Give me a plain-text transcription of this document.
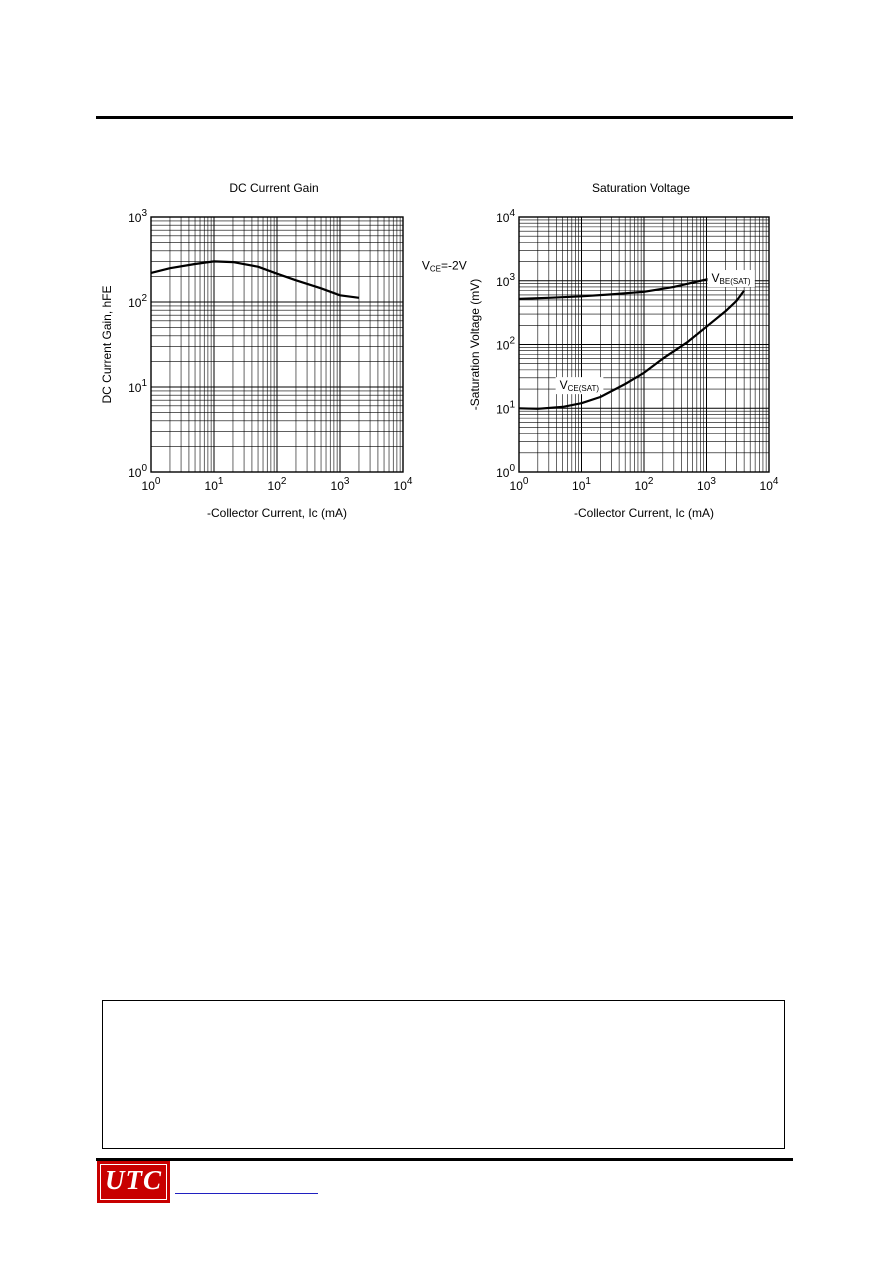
DC Current Gain	Saturation Voltage
$10^0$	$10^1$	$10^2$	$10^3$	$10^4$
$10^0$
$10^1$
$10^2$
$10^3$
-Collector Current, Ic (mA)
DC Current Gain, hFE
VCE=-2V
$10^0$	$10^1$	$10^2$	$10^3$	$10^4$
$10^0$
$10^1$
$10^2$
$10^3$
$10^4$
-Collector Current, Ic (mA)
-Saturation Voltage (mV)
VBE(SAT)
VCE(SAT)
UTC
